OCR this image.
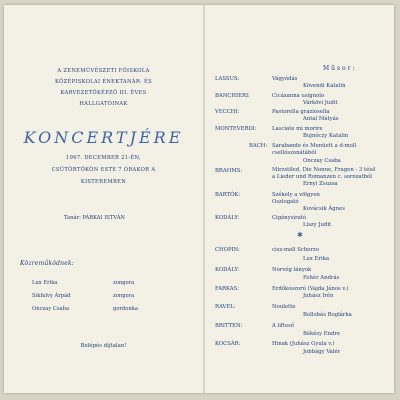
A ZENEMŰVÉSZETI FŐISKOLA
KÖZÉPISKOLAI ÉNEKTANÁR- ÉS
KARVEZETŐKÉPZŐ III. ÉVES
HALLGATÓINAK
KONCERTJÉRE
1967. DECEMBER 21-ÉN,
CSÜTÖRTÖKÖN ESTE 7 ÓRAKOR A
KISTEREMBEN
Tanár: PÁRKAI ISTVÁN
Közreműködnek:
Lux Erika	zongora
Sikfalvy Árpád	zongora
Onczay Csaba	gordonka
Belépés díjtalan!
Műsor:
LASSUS:	Vágyódás
Kövendi Katalin
BANCHIERI:	Cicázanna usignolo
Várkövi Judit
VECCHI:	Pastorella graziosella
Antal Mátyás
MONTEVERDI:	Lasciate mi morire
Bujnóczy Katalin
BACH: Sarabande és Menüett a d-moll
csellószonátából
Onczay Csaba
BRAHMS:	Mirzstiled, Die Nonne, Fragen - 3 téisl
a Lieder und Romanzen c. sorozatból
Ernyi Zsuzsa
BARTÓK:	Székely a völgyen
Oszlogató
Kovácsik Ágnes
KODÁLY:	Cigánysirató
Liszy Judit
✱
CHOPIN:	cisz-moll Scherzo
Lux Erika
KODÁLY:	Norvég lányok
Fehér András
FARKAS:	Erdőkoszorú (Vajda János v.)
Juhász Irén
RAVEL:	Noulette
Bollobás Boglárka
BRITTEN:	A lifteső
Békésy Endre
KOCSÁR:	Hinak (Juhász Gyula v.)
Jobbágy Valér
